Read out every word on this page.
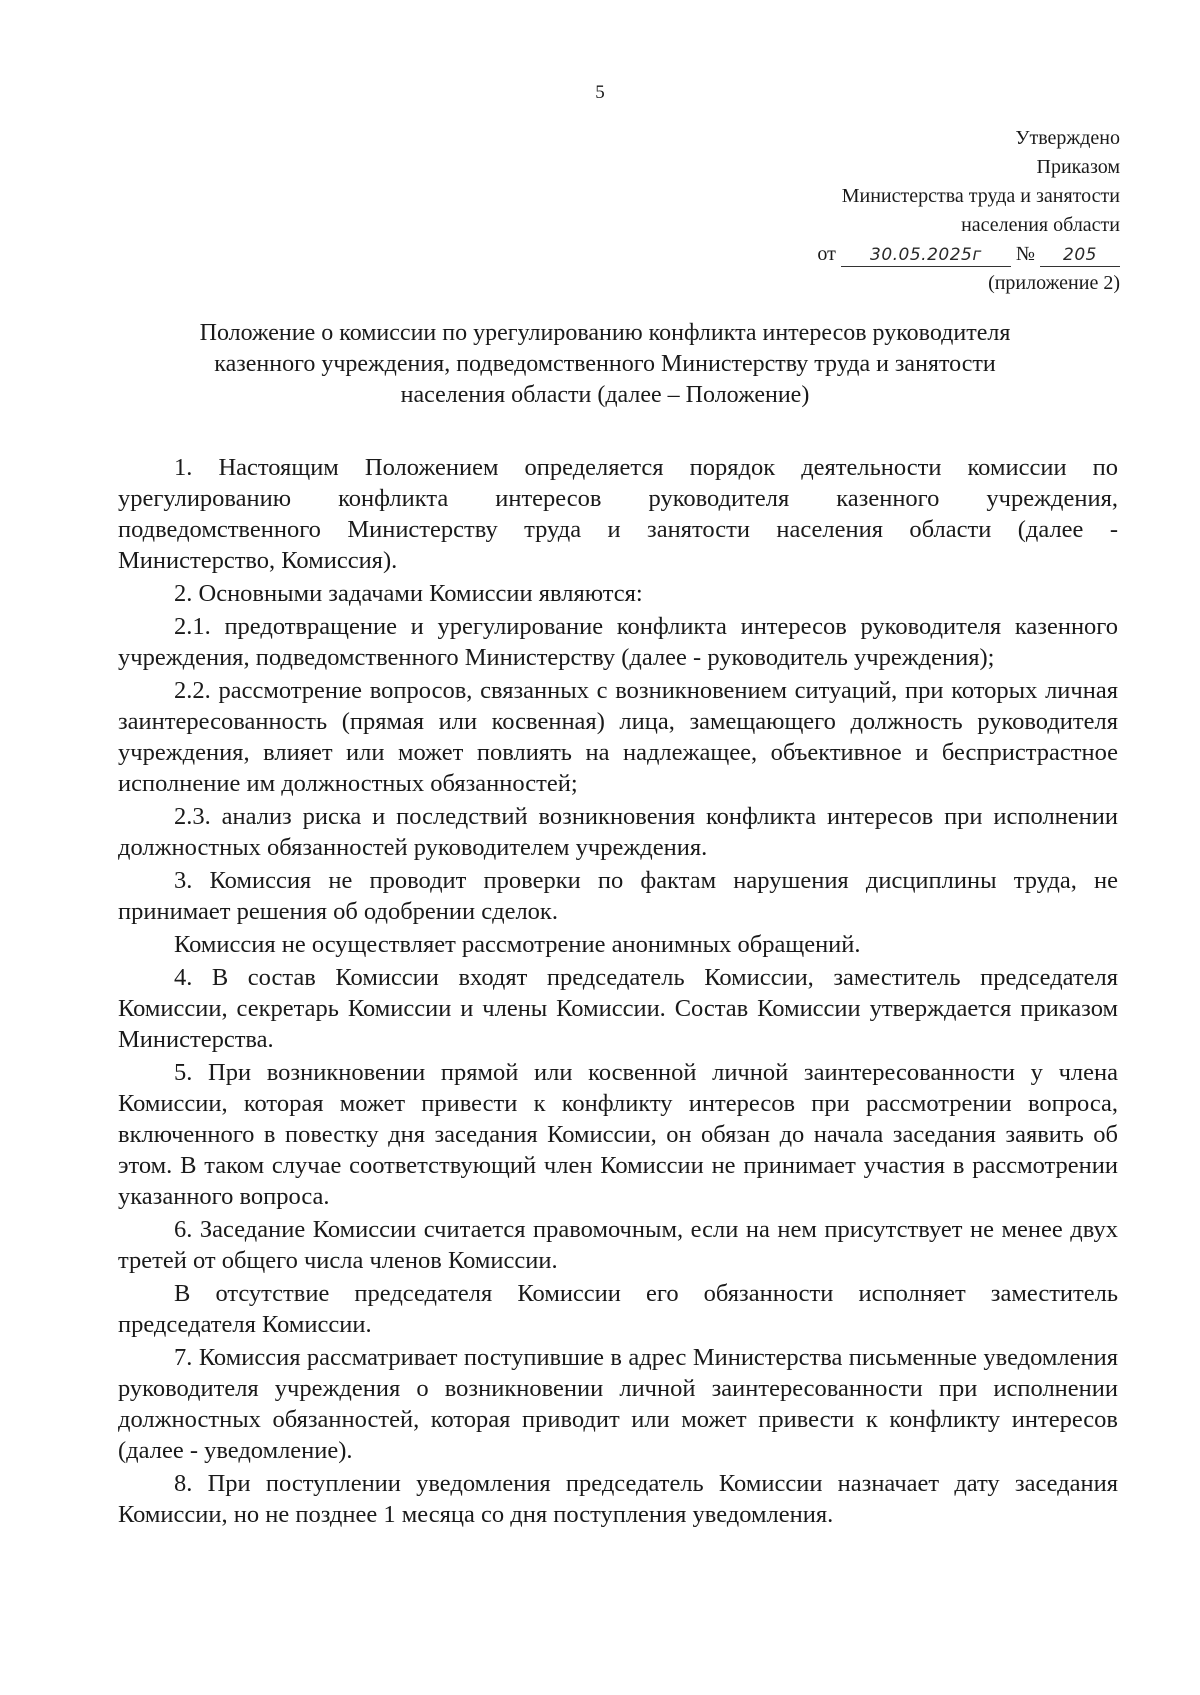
5
Утверждено
Приказом
Министерства труда и занятости
населения области
от 30.05.2025г № 205
(приложение 2)
Положение о комиссии по урегулированию конфликта интересов руководителя
казенного учреждения, подведомственного Министерству труда и занятости
населения области (далее – Положение)

1. Настоящим Положением определяется порядок деятельности комиссии по урегулированию конфликта интересов руководителя казенного учреждения, подведомственного Министерству труда и занятости населения области (далее - Министерство, Комиссия).

2. Основными задачами Комиссии являются:

2.1. предотвращение и урегулирование конфликта интересов руководителя казенного учреждения, подведомственного Министерству (далее - руководитель учреждения);

2.2. рассмотрение вопросов, связанных с возникновением ситуаций, при которых личная заинтересованность (прямая или косвенная) лица, замещающего должность руководителя учреждения, влияет или может повлиять на надлежащее, объективное и беспристрастное исполнение им должностных обязанностей;

2.3. анализ риска и последствий возникновения конфликта интересов при исполнении должностных обязанностей руководителем учреждения.

3. Комиссия не проводит проверки по фактам нарушения дисциплины труда, не принимает решения об одобрении сделок.

Комиссия не осуществляет рассмотрение анонимных обращений.

4. В состав Комиссии входят председатель Комиссии, заместитель председателя Комиссии, секретарь Комиссии и члены Комиссии. Состав Комиссии утверждается приказом Министерства.

5. При возникновении прямой или косвенной личной заинтересованности у члена Комиссии, которая может привести к конфликту интересов при рассмотрении вопроса, включенного в повестку дня заседания Комиссии, он обязан до начала заседания заявить об этом. В таком случае соответствующий член Комиссии не принимает участия в рассмотрении указанного вопроса.

6. Заседание Комиссии считается правомочным, если на нем присутствует не менее двух третей от общего числа членов Комиссии.

В отсутствие председателя Комиссии его обязанности исполняет заместитель председателя Комиссии.

7. Комиссия рассматривает поступившие в адрес Министерства письменные уведомления руководителя учреждения о возникновении личной заинтересованности при исполнении должностных обязанностей, которая приводит или может привести к конфликту интересов (далее - уведомление).

8. При поступлении уведомления председатель Комиссии назначает дату заседания Комиссии, но не позднее 1 месяца со дня поступления уведомления.
